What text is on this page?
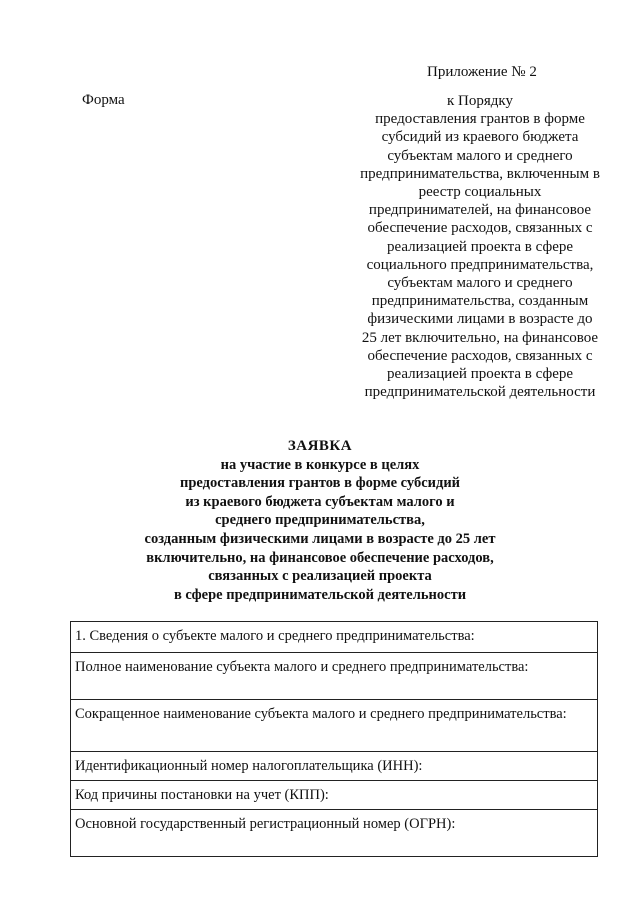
Приложение № 2
Форма	к Порядку
предоставления грантов в форме
субсидий из краевого бюджета
субъектам малого и среднего
предпринимательства, включенным в
реестр социальных
предпринимателей, на финансовое
обеспечение расходов, связанных с
реализацией проекта в сфере
социального предпринимательства,
субъектам малого и среднего
предпринимательства, созданным
физическими лицами в возрасте до
25 лет включительно, на финансовое
обеспечение расходов, связанных с
реализацией проекта в сфере
предпринимательской деятельности
ЗАЯВКА
на участие в конкурсе в целях
предоставления грантов в форме субсидий
из краевого бюджета субъектам малого и
среднего предпринимательства,
созданным физическими лицами в возрасте до 25 лет
включительно, на финансовое обеспечение расходов,
связанных с реализацией проекта
в сфере предпринимательской деятельности
1. Сведения о субъекте малого и среднего предпринимательства:
Полное наименование субъекта малого и среднего предпринимательства:
Сокращенное наименование субъекта малого и среднего предпринимательства:
Идентификационный номер налогоплательщика (ИНН):
Код причины постановки на учет (КПП):
Основной государственный регистрационный номер (ОГРН):
